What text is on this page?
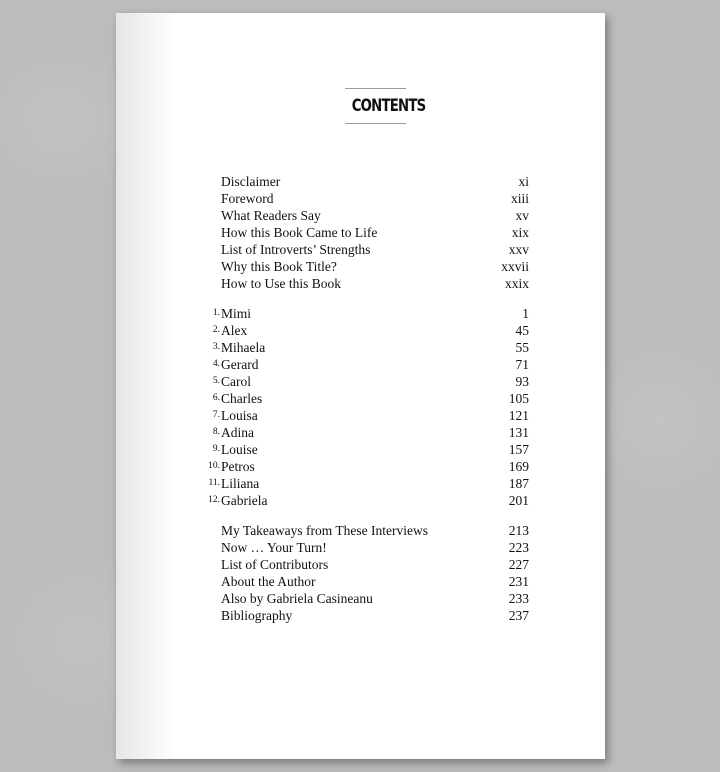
CONTENTS
Disclaimer	xi
Foreword	xiii
What Readers Say	xv
How this Book Came to Life	xix
List of Introverts’ Strengths	xxv
Why this Book Title?	xxvii
How to Use this Book	xxix
1. Mimi	1
2. Alex	45
3. Mihaela	55
4. Gerard	71
5. Carol	93
6. Charles	105
7. Louisa	121
8. Adina	131
9. Louise	157
10. Petros	169
11. Liliana	187
12. Gabriela	201
My Takeaways from These Interviews	213
Now … Your Turn!	223
List of Contributors	227
About the Author	231
Also by Gabriela Casineanu	233
Bibliography	237
